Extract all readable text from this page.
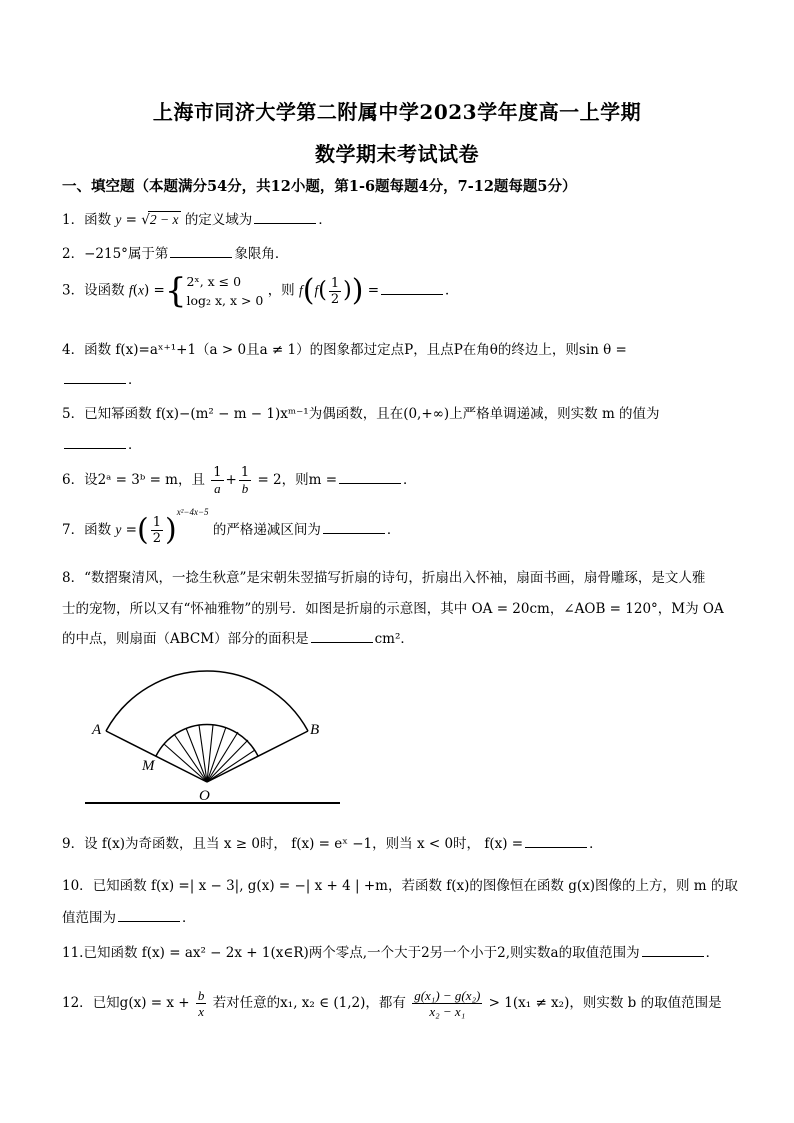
上海市同济大学第二附属中学2023学年度高一上学期
数学期末考试试卷
一、填空题（本题满分54分，共12小题，第1-6题每题4分，7-12题每题5分）
1．函数 y = √2 − x 的定义域为	．
2．−215°属于第	象限角．
3．设函数 f(x) ={2ˣ, x ≤ 0
log₂ x, x > 0 ，则 $f(f( \frac{1}{2}$ )) =	．
4．函数 f(x)=aˣ⁺¹+1（a > 0且a ≠ 1）的图象都过定点P，且点P在角θ的终边上，则sin θ =
．
5．已知幂函数 f(x)−(m² − m − 1)xᵐ⁻¹为偶函数，且在(0,+∞)上严格单调递减，则实数 m 的值为
．
6．设2ᵃ = 3ᵇ = m，且 $\frac{1}{a} + \frac{1}{b} = 2$，则m =	．
7．函数 y =( $\frac{1}{2} )^{x^2-4x-5}$ 的严格递减区间为	．
8．“数摺聚清风，一捻生秋意”是宋朝朱翌描写折扇的诗句，折扇出入怀袖，扇面书画，扇骨雕琢，是文人雅
士的宠物，所以又有“怀袖雅物”的别号．如图是折扇的示意图，其中 OA = 20cm，∠AOB = 120°，M为 OA
的中点，则扇面（ABCM）部分的面积是	cm²．
A	B
M
O
9．设 f(x)为奇函数，且当 x ≥ 0时， f(x) = eˣ −1，则当 x < 0时， f(x) =	．
10．已知函数 f(x) =| x − 3|, g(x) = −| x + 4 | +m，若函数 f(x)的图像恒在函数 g(x)图像的上方，则 m 的取
值范围为	．
11.已知函数 f(x) = ax² − 2x + 1(x∈R)两个零点,一个大于2另一个小于2,则实数a的取值范围为	．
12．已知$g(x) = x + \frac{b}{x}$ 若对任意的x₁, x₂ ∈ (1,2)，都有 $\frac{\text{g(x₁) − g(x₂)}}{\text{x₂ − x₁}} > 1(x_1 \ne x_2)$，则实数 b 的取值范围是
